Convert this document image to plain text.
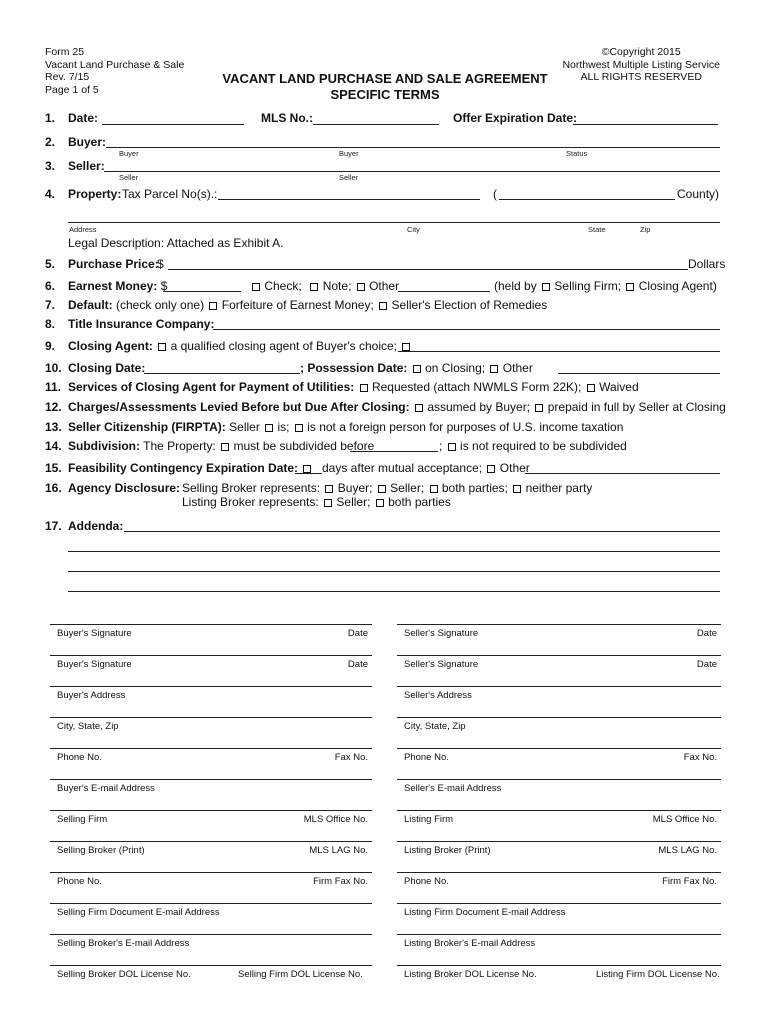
Form 25
Vacant Land Purchase & Sale
Rev. 7/15
Page 1 of 5
©Copyright 2015
Northwest Multiple Listing Service
ALL RIGHTS RESERVED
VACANT LAND PURCHASE AND SALE AGREEMENT
SPECIFIC TERMS
1. Date:	MLS No.:	Offer Expiration Date:
2. Buyer:
Buyer	Buyer	Status
3. Seller:
Seller	Seller
4. Property: Tax Parcel No(s).:	(	County)
Address	City	State	Zip
Legal Description: Attached as Exhibit A.
5. Purchase Price:
$	Dollars
6. Earnest Money: $	Check; Note; Other	(held by Selling Firm; Closing Agent)
7. Default: (check only one) Forfeiture of Earnest Money; Seller's Election of Remedies
8. Title Insurance Company:
9. Closing Agent: a qualified closing agent of Buyer's choice;
10. Closing Date:	; Possession Date: on Closing; Other
11. Services of Closing Agent for Payment of Utilities: Requested (attach NWMLS Form 22K); Waived
12. Charges/Assessments Levied Before but Due After Closing: assumed by Buyer; prepaid in full by Seller at Closing
13. Seller Citizenship (FIRPTA): Seller is; is not a foreign person for purposes of U.S. income taxation
14. Subdivision: The Property: must be subdivided before	; is not required to be subdivided
15. Feasibility Contingency Expiration Date:	days after mutual acceptance; Other
16. Agency Disclosure: Selling Broker represents: Buyer; Seller; both parties; neither party
Listing Broker represents: Seller; both parties
17. Addenda:
Buyer's Signature	Date
Buyer's Signature	Date
Buyer's Address
City, State, Zip
Phone No.	Fax No.
Buyer's E-mail Address
Selling Firm	MLS Office No.
Selling Broker (Print)	MLS LAG No.
Phone No.	Firm Fax No.
Selling Firm Document E-mail Address
Selling Broker's E-mail Address
Selling Broker DOL License No.	Selling Firm DOL License No.
Seller's Signature	Date
Seller's Signature	Date
Seller's Address
City, State, Zip
Phone No.	Fax No.
Seller's E-mail Address
Listing Firm	MLS Office No.
Listing Broker (Print)	MLS LAG No.
Phone No.	Firm Fax No.
Listing Firm Document E-mail Address
Listing Broker's E-mail Address
Listing Broker DOL License No.	Listing Firm DOL License No.
